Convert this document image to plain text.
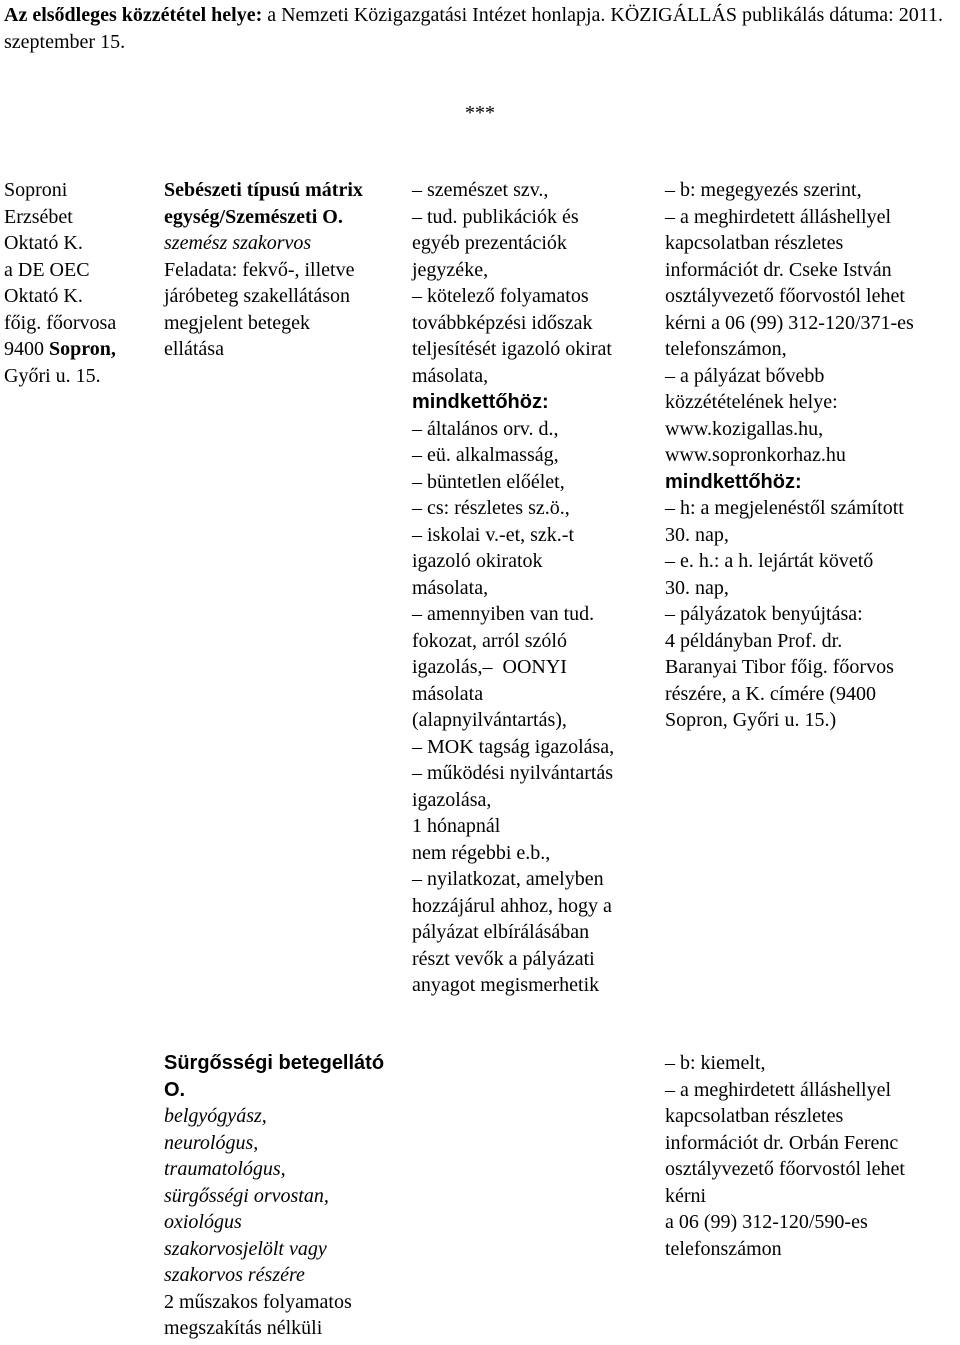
Az elsődleges közzététel helye: a Nemzeti Közigazgatási Intézet honlapja. KÖZIGÁLLÁS publikálás dátuma: 2011. szeptember 15.
***
Soproni
Erzsébet
Oktató K.
a DE OEC
Oktató K.
főig. főorvosa
9400 Sopron,
Győri u. 15.
Sebészeti típusú mátrix
egység/Szemészeti O.
szemész szakorvos
Feladata: fekvő-, illetve
járóbeteg szakellátáson
megjelent betegek
ellátása
– szemészet szv.,
– tud. publikációk és
egyéb prezentációk
jegyzéke,
– kötelező folyamatos
továbbképzési időszak
teljesítését igazoló okirat
másolata,
mindkettőhöz:
– általános orv. d.,
– eü. alkalmasság,
– büntetlen előélet,
– cs: részletes sz.ö.,
– iskolai v.-et, szk.-t
igazoló okiratok
másolata,
– amennyiben van tud.
fokozat, arról szóló
igazolás,–  OONYI
másolata
(alapnyilvántartás),
– MOK tagság igazolása,
– működési nyilvántartás
igazolása,
1 hónapnál
nem régebbi e.b.,
– nyilatkozat, amelyben
hozzájárul ahhoz, hogy a
pályázat elbírálásában
részt vevők a pályázati
anyagot megismerhetik
– b: megegyezés szerint,
– a meghirdetett álláshellyel
kapcsolatban részletes
információt dr. Cseke István
osztályvezető főorvostól lehet
kérni a 06 (99) 312-120/371-es
telefonszámon,
– a pályázat bővebb
közzétételének helye:
www.kozigallas.hu,
www.sopronkorhaz.hu
mindkettőhöz:
– h: a megjelenéstől számított
30. nap,
– e. h.: a h. lejártát követő
30. nap,
– pályázatok benyújtása:
4 példányban Prof. dr.
Baranyai Tibor főig. főorvos
részére, a K. címére (9400
Sopron, Győri u. 15.)
Sürgősségi betegellátó
O.
belgyógyász,
neurológus,
traumatológus,
sürgősségi orvostan,
oxiológus
szakorvosjelölt vagy
szakorvos részére
2 műszakos folyamatos
megszakítás nélküli
– b: kiemelt,
– a meghirdetett álláshellyel
kapcsolatban részletes
információt dr. Orbán Ferenc
osztályvezető főorvostól lehet
kérni
a 06 (99) 312-120/590-es
telefonszámon
